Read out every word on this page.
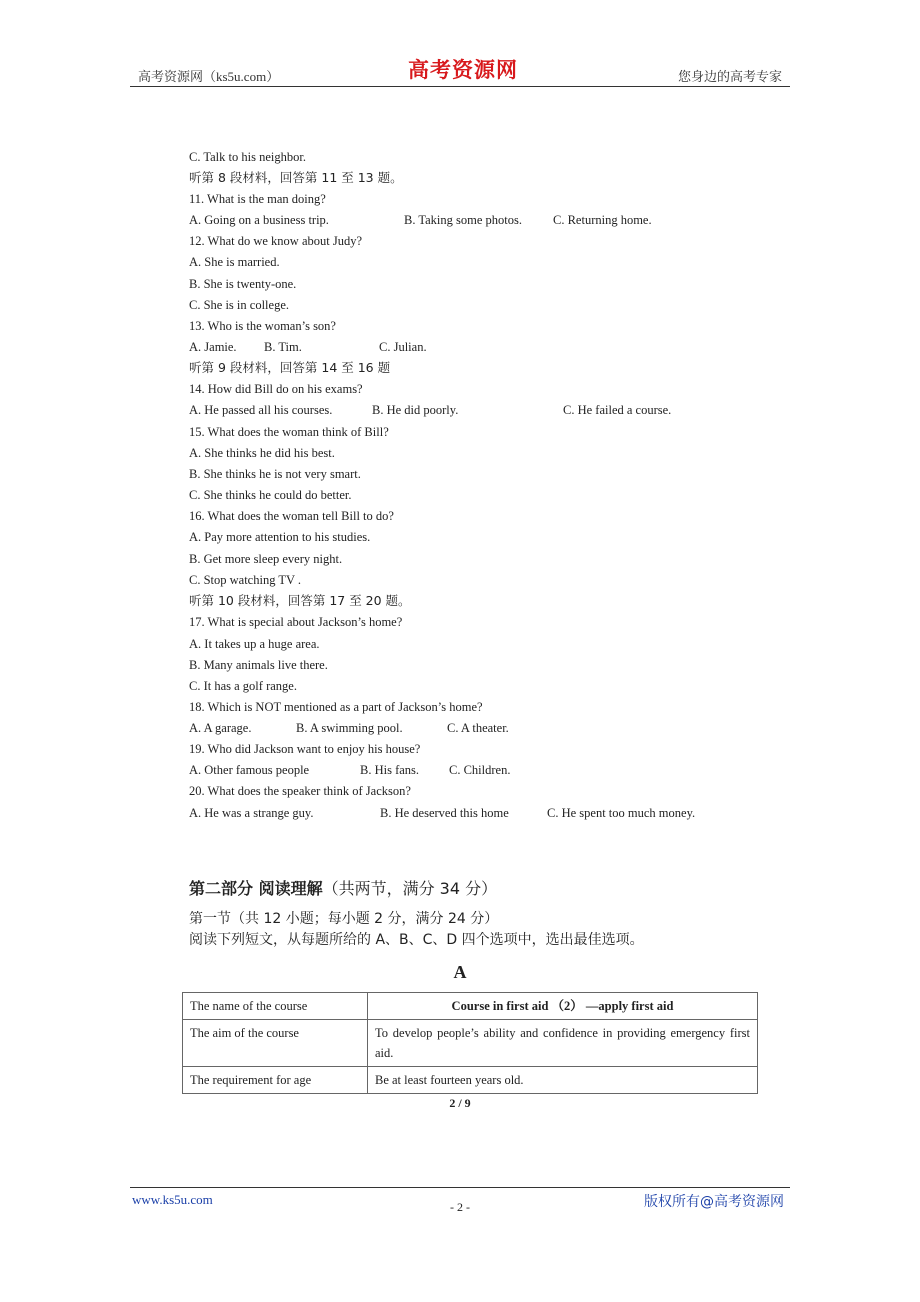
高考资源网（ks5u.com）	高考资源网	您身边的高考专家
C. Talk to his neighbor.
听第 8 段材料，回答第 11 至 13 题。
11. What is the man doing?
A. Going on a business trip.	B. Taking some photos. C. Returning home.
12. What do we know about Judy?
A. She is married.
B. She is twenty-one.
C. She is in college.
13. Who is the woman’s son?
A. Jamie. B. Tim.	C. Julian.
听第 9 段材料，回答第 14 至 16 题
14. How did Bill do on his exams?
A. He passed all his courses.	B. He did poorly.	C. He failed a course.
15. What does the woman think of Bill?
A. She thinks he did his best.
B. She thinks he is not very smart.
C. She thinks he could do better.
16. What does the woman tell Bill to do?
A. Pay more attention to his studies.
B. Get more sleep every night.
C. Stop watching TV .
听第 10 段材料，回答第 17 至 20 题。
17. What is special about Jackson’s home?
A. It takes up a huge area.
B. Many animals live there.
C. It has a golf range.
18. Which is NOT mentioned as a part of Jackson’s home?
A. A garage.	B. A swimming pool.	C. A theater.
19. Who did Jackson want to enjoy his house?
A. Other famous people	B. His fans. C. Children.
20. What does the speaker think of Jackson?
A. He was a strange guy.	B. He deserved this home	C. He spent too much money.
第二部分 阅读理解（共两节，满分 34 分）
第一节（共 12 小题；每小题 2 分，满分 24 分）
阅读下列短文，从每题所给的 A、B、C、D 四个选项中，选出最佳选项。
A
The name of the course	Course in first aid （2） —apply first aid
The aim of the course	To develop people’s ability and confidence in providing emergency first aid.
The requirement for age	Be at least fourteen years old.
2 / 9
www.ks5u.com	- 2 -	版权所有@高考资源网
